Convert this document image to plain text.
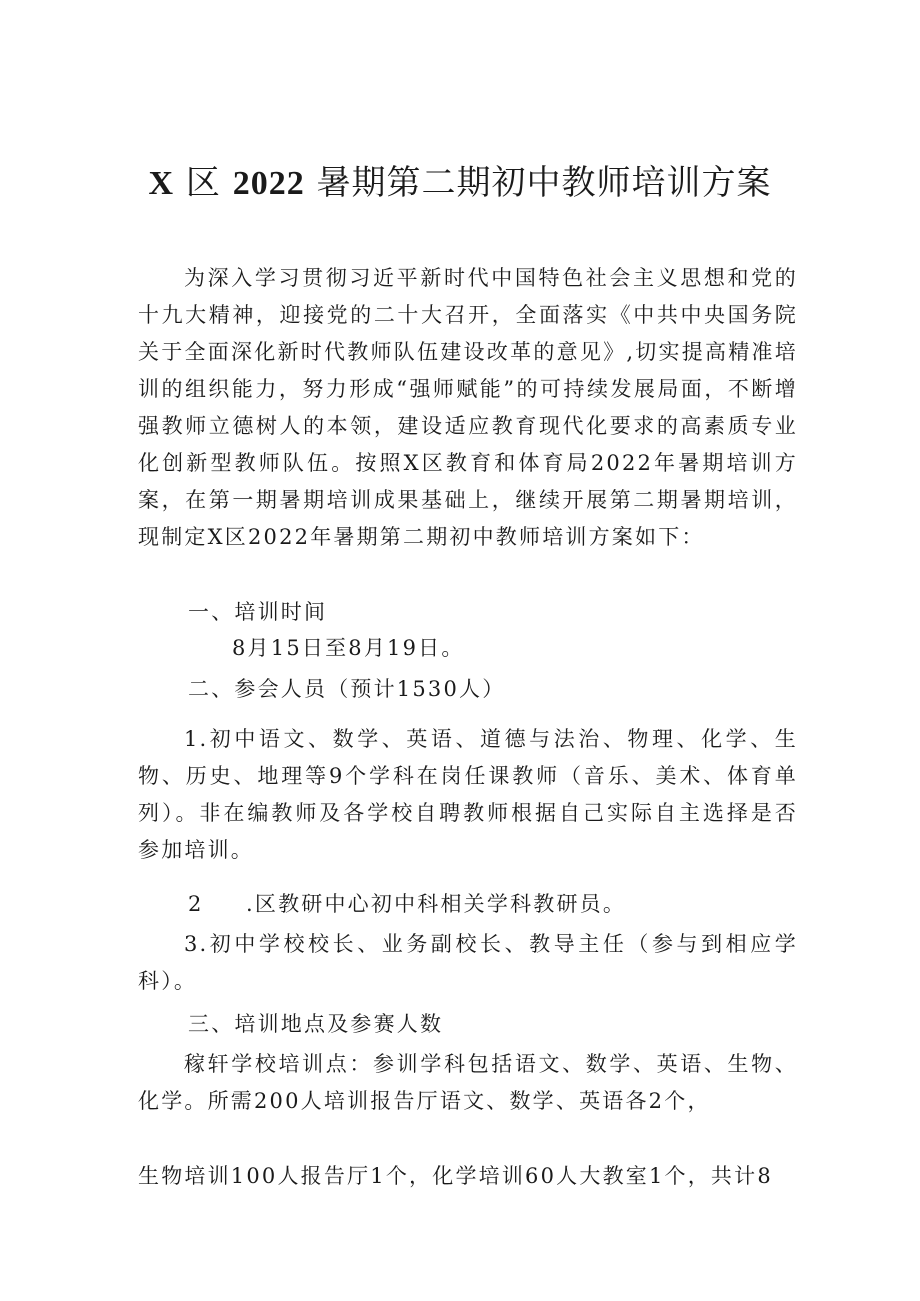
X 区 2022 暑期第二期初中教师培训方案
为深入学习贯彻习近平新时代中国特色社会主义思想和党的十九大精神，迎接党的二十大召开，全面落实《中共中央国务院关于全面深化新时代教师队伍建设改革的意见》,切实提高精准培训的组织能力，努力形成“强师赋能”的可持续发展局面，不断增强教师立德树人的本领，建设适应教育现代化要求的高素质专业化创新型教师队伍。按照X区教育和体育局2022年暑期培训方案，在第一期暑期培训成果基础上，继续开展第二期暑期培训，现制定X区2022年暑期第二期初中教师培训方案如下：
一、培训时间
8月15日至8月19日。
二、参会人员（预计1530人）
1.初中语文、数学、英语、道德与法治、物理、化学、生物、历史、地理等9个学科在岗任课教师（音乐、美术、体育单列）。非在编教师及各学校自聘教师根据自己实际自主选择是否参加培训。
2 .区教研中心初中科相关学科教研员。
3.初中学校校长、业务副校长、教导主任（参与到相应学科）。
三、培训地点及参赛人数
稼轩学校培训点：参训学科包括语文、数学、英语、生物、化学。所需200人培训报告厅语文、数学、英语各2个，
生物培训100人报告厅1个，化学培训60人大教室1个，共计8
